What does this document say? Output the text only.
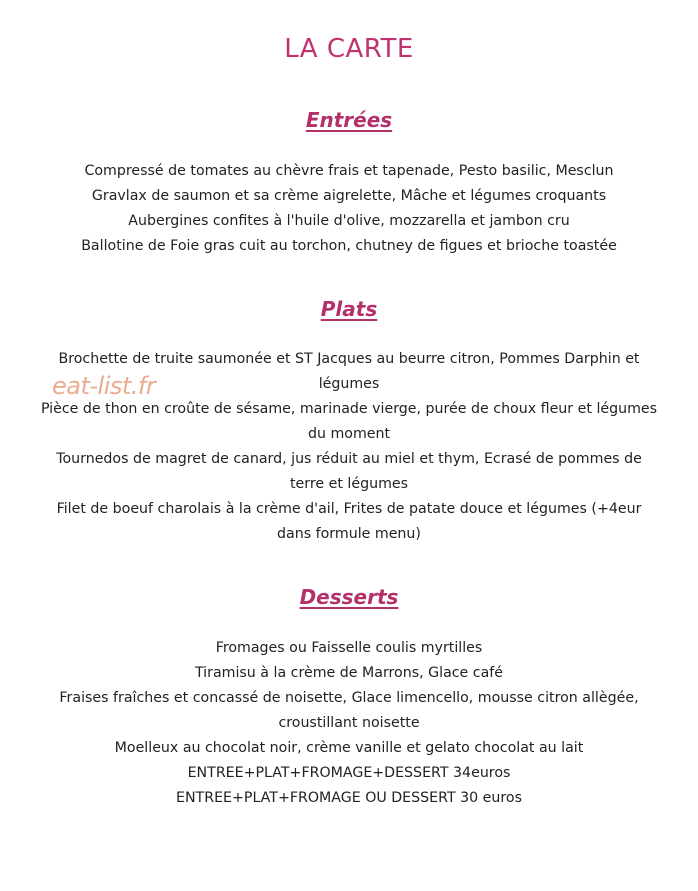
LA CARTE
Entrées
Compressé de tomates au chèvre frais et tapenade, Pesto basilic, Mesclun
Gravlax de saumon et sa crème aigrelette, Mâche et légumes croquants
Aubergines confites à l'huile d'olive, mozzarella et jambon cru
Ballotine de Foie gras cuit au torchon, chutney de figues et brioche toastée
Plats
Brochette de truite saumonée et ST Jacques au beurre citron, Pommes Darphin et légumes
Pièce de thon en croûte de sésame, marinade vierge, purée de choux fleur et légumes du moment
Tournedos de magret de canard, jus réduit au miel et thym, Ecrasé de pommes de terre et légumes
Filet de boeuf charolais à la crème d'ail, Frites de patate douce et légumes (+4eur dans formule menu)
eat-list.fr
Desserts
Fromages ou Faisselle coulis myrtilles
Tiramisu à la crème de Marrons, Glace café
Fraises fraîches et concassé de noisette, Glace limencello, mousse citron allègée, croustillant noisette
Moelleux au chocolat noir, crème vanille et gelato chocolat au lait
ENTREE+PLAT+FROMAGE+DESSERT 34euros
ENTREE+PLAT+FROMAGE OU DESSERT 30 euros
